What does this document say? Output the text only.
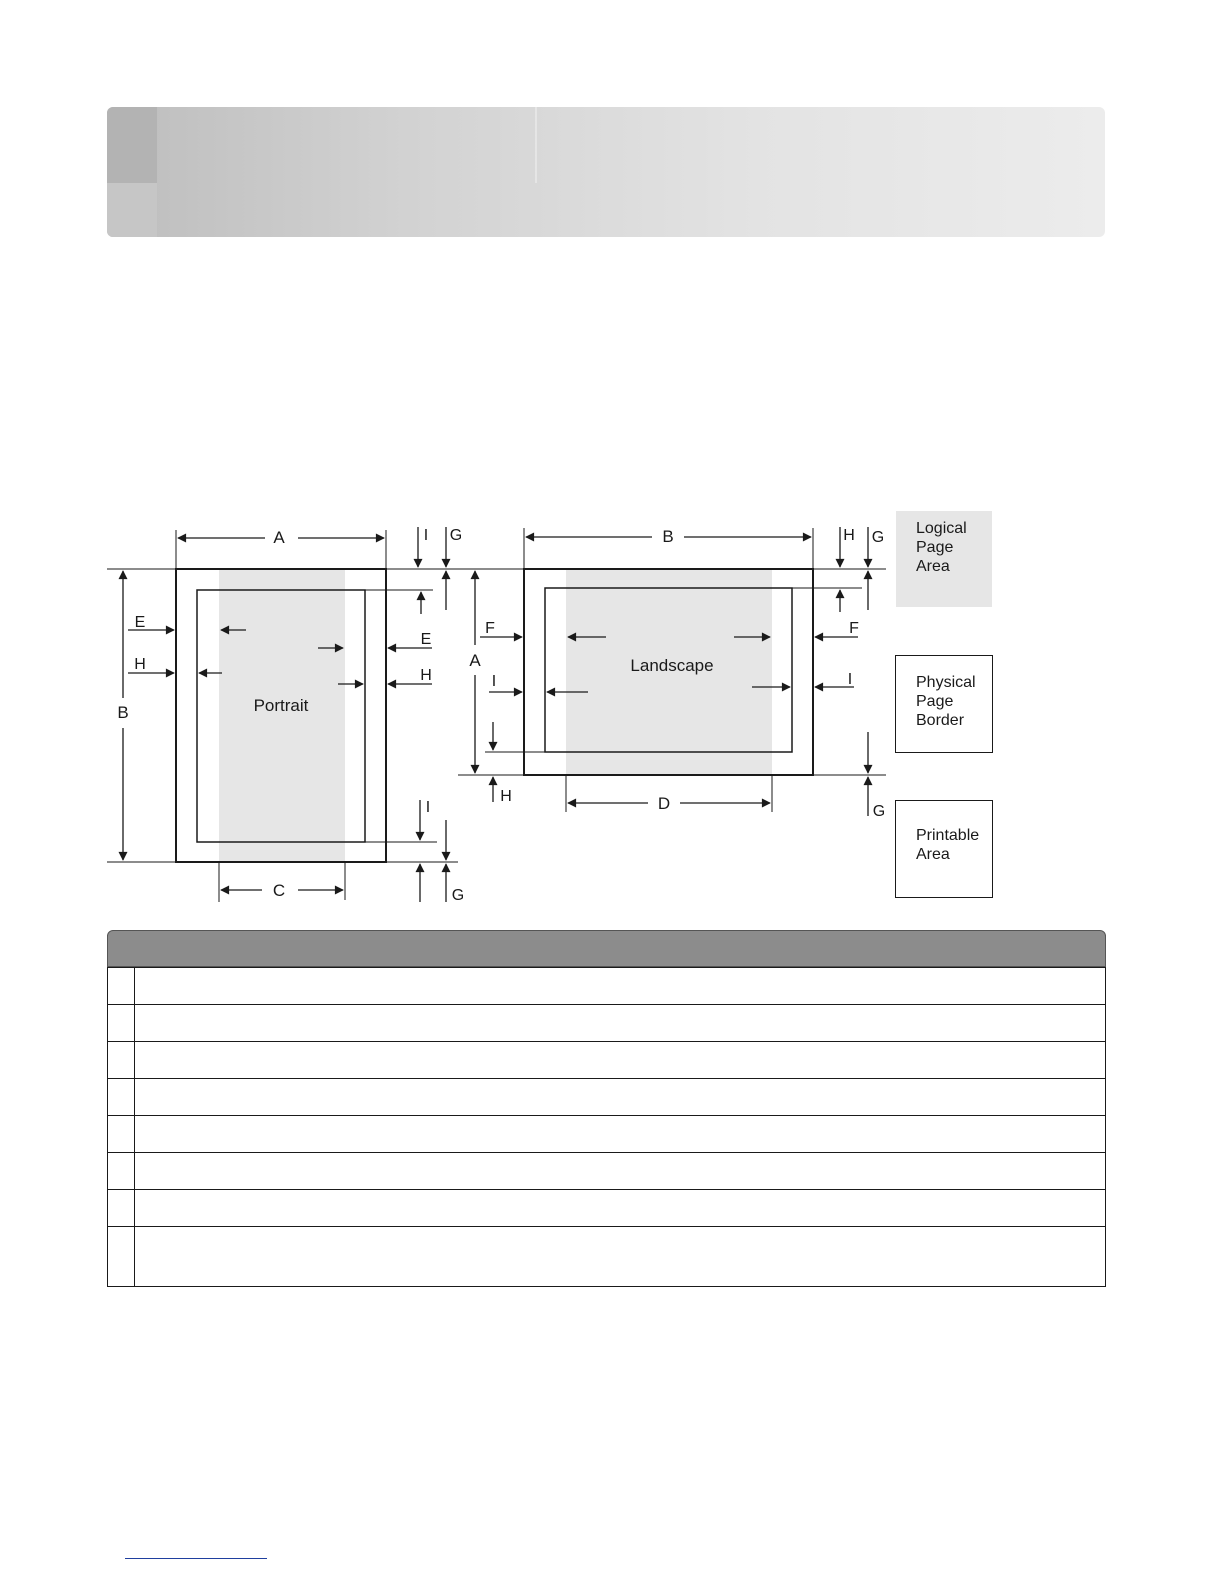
Portrait
A
B
C
E
H
E
H
I G
I
G
Landscape
B
A
D
F
I
F
I
H G
H
G
Logical
Page
Area
Physical
Page
Border
Printable
Area
